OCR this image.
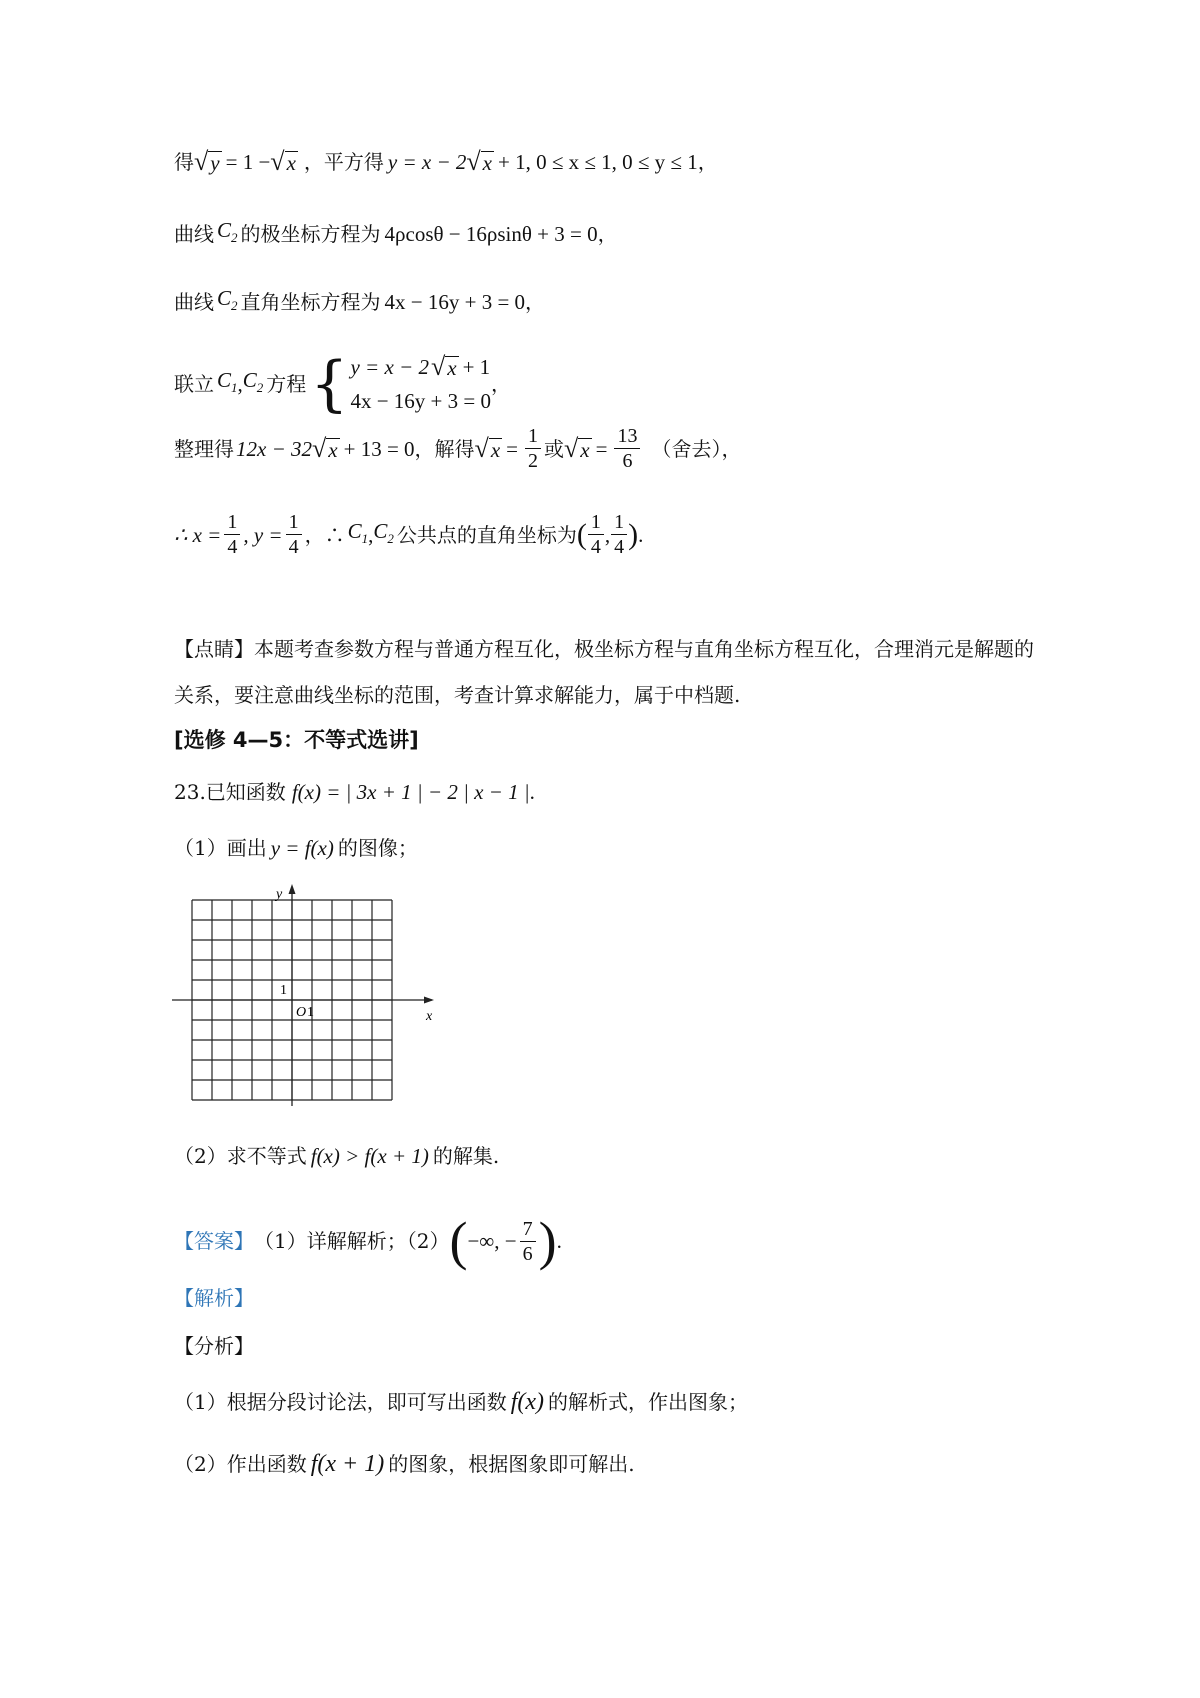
得 √ y = 1 − √ x ，平方得 y = x − 2 √ x + 1, 0 ≤ x ≤ 1, 0 ≤ y ≤ 1 ，
曲线 $C_2$ 的极坐标方程为 4ρcosθ − 16ρsinθ + 3 = 0 ，
曲线 $C_2$ 直角坐标方程为 4x − 16y + 3 = 0 ，
联立 $C_1$ , $C_2$ 方程 { y = x − 2 √ x + 1
4x − 16y + 3 = 0
，
整理得 12x − 32 √ x + 13 = 0 ，解得 √ $x = \frac{1}{2}$ 或 √ $x = \frac{13}{6}$ （舍去），
∴ $x = \frac{1}{4}$ , $y = \frac{1}{4}$ ，∴ $C_1$ , $C_2$ 公共点的直角坐标为 ( $\frac{1}{4}$ , $\frac{1}{4}$ ) .
【点睛】本题考查参数方程与普通方程互化，极坐标方程与直角坐标方程互化，合理消元是解题的关系，要注意曲线坐标的范围，考查计算求解能力，属于中档题.
[选修 4—5：不等式选讲]
23.已知函数 f(x) = | 3x + 1 | − 2 | x − 1 | .
（1）画出 y = f(x) 的图像；
y
x
O 1
1
（2）求不等式 f(x) > f(x + 1) 的解集.
【答案】 （1）详解解析；（2） ( −∞, − $\frac{7}{6}$ ) .
【解析】
【分析】
（1）根据分段讨论法，即可写出函数 f(x) 的解析式，作出图象；
（2）作出函数 f(x + 1) 的图象，根据图象即可解出.
